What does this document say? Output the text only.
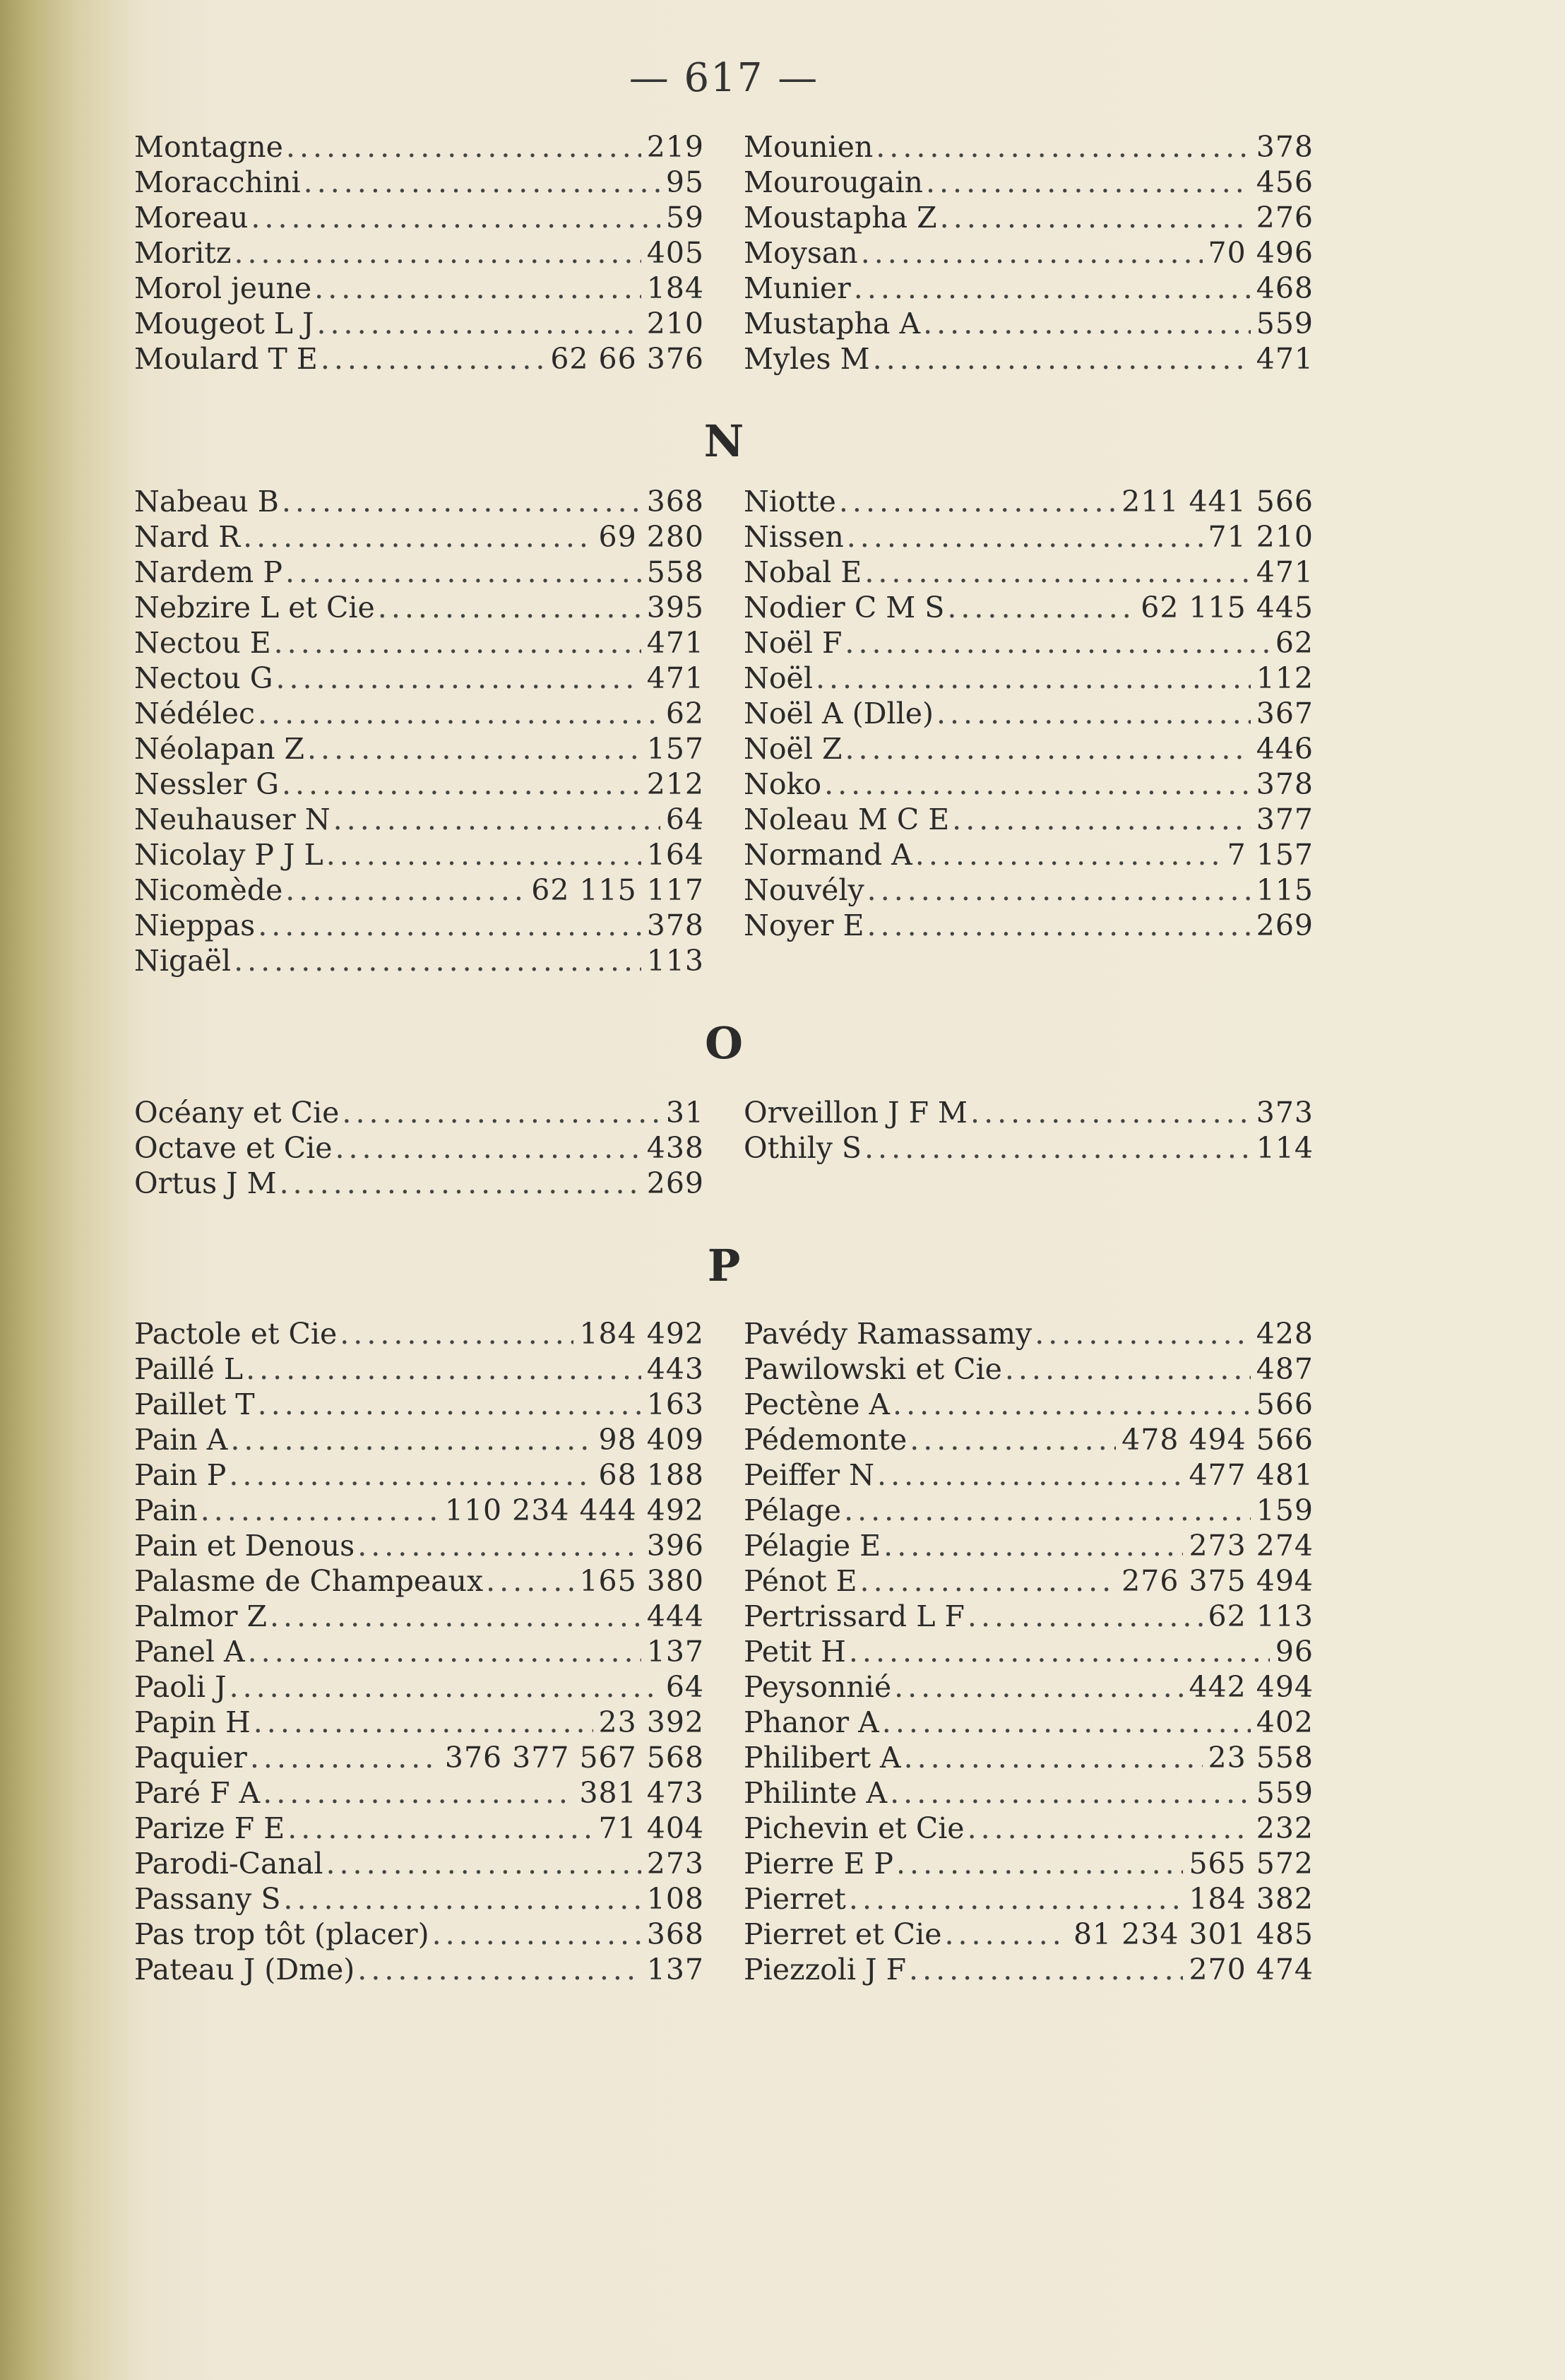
— 617 —
Montagne .....	219
Moracchini .....	95
Moreau .....	59
Moritz .....	405
Morol jeune .....	184
Mougeot L J .....	210
Moulard T E .....	62 66 376
Mounien .....	378
Mourougain .....	456
Moustapha Z .....	276
Moysan .....	70 496
Munier .....	468
Mustapha A .....	559
Myles M .....	471
N
Nabeau B .....	368
Nard R .....	69 280
Nardem P .....	558
Nebzire L et Cie .....	395
Nectou E .....	471
Nectou G .....	471
Nédélec .....	62
Néolapan Z .....	157
Nessler G .....	212
Neuhauser N .....	64
Nicolay P J L .....	164
Nicomède .....	62 115 117
Nieppas .....	378
Nigaël .....	113
Niotte .....	211 441 566
Nissen .....	71 210
Nobal E .....	471
Nodier C M S .....	62 115 445
Noël F .....	62
Noël .....	112
Noël A (Dlle) .....	367
Noël Z .....	446
Noko .....	378
Noleau M C E .....	377
Normand A .....	7 157
Nouvély .....	115
Noyer E .....	269
O
Océany et Cie .....	31
Octave et Cie .....	438
Ortus J M .....	269
Orveillon J F M .....	373
Othily S .....	114
P
Pactole et Cie .....	184 492
Paillé L .....	443
Paillet T .....	163
Pain A .....	98 409
Pain P .....	68 188
Pain .....	110 234 444 492
Pain et Denous .....	396
Palasme de Champeaux .....	165 380
Palmor Z .....	444
Panel A .....	137
Paoli J .....	64
Papin H .....	23 392
Paquier .....	376 377 567 568
Paré F A .....	381 473
Parize F E .....	71 404
Parodi-Canal .....	273
Passany S .....	108
Pas trop tôt (placer) .....	368
Pateau J (Dme) .....	137
Pavédy Ramassamy .....	428
Pawilowski et Cie .....	487
Pectène A .....	566
Pédemonte .....	478 494 566
Peiffer N .....	477 481
Pélage .....	159
Pélagie E .....	273 274
Pénot E .....	276 375 494
Pertrissard L F .....	62 113
Petit H .....	96
Peysonnié .....	442 494
Phanor A .....	402
Philibert A .....	23 558
Philinte A .....	559
Pichevin et Cie .....	232
Pierre E P .....	565 572
Pierret .....	184 382
Pierret et Cie .....	81 234 301 485
Piezzoli J F .....	270 474
